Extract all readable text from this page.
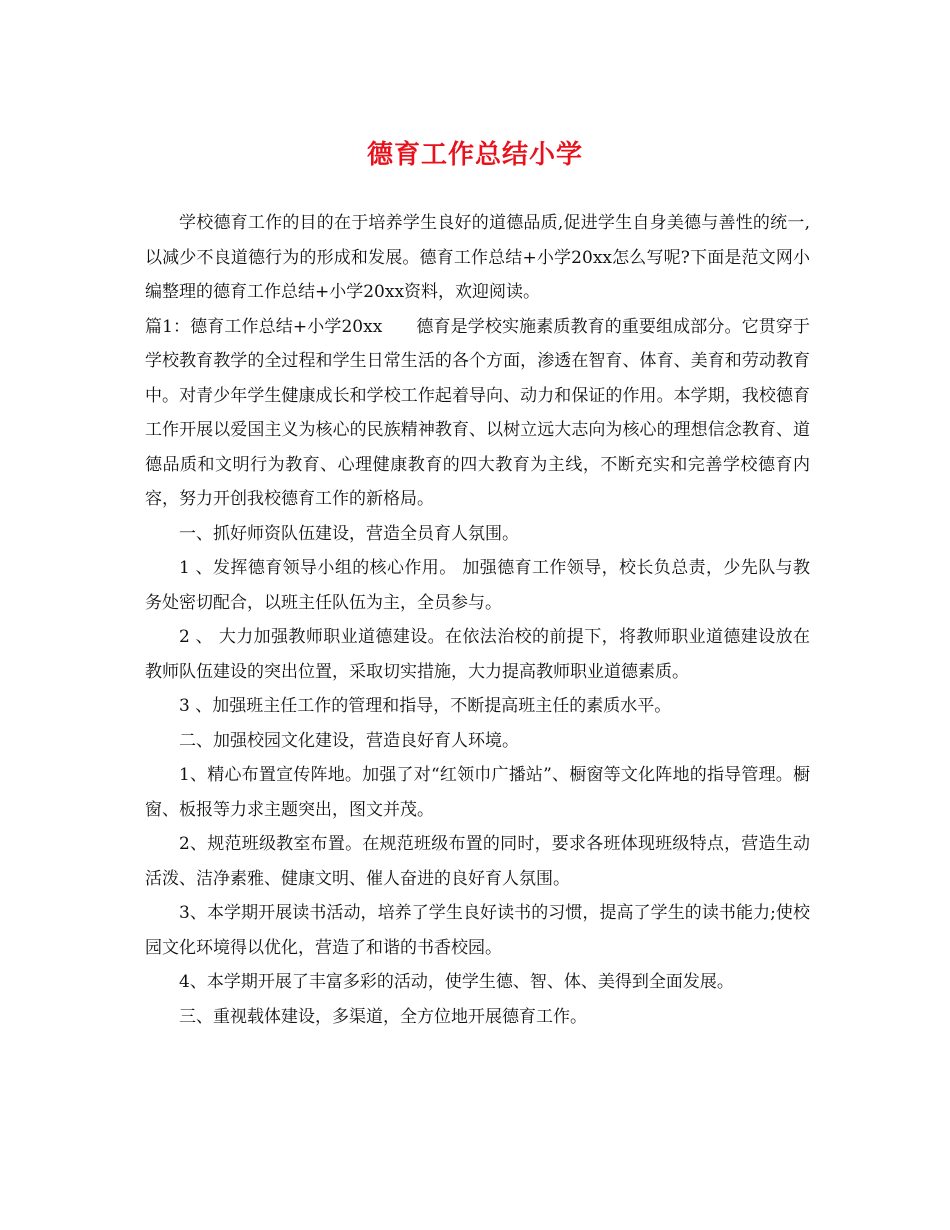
德育工作总结小学

学校德育工作的目的在于培养学生良好的道德品质,促进学生自身美德与善性的统一,以减少不良道德行为的形成和发展。德育工作总结+小学20xx怎么写呢?下面是范文网小编整理的德育工作总结+小学20xx资料，欢迎阅读。

篇1：德育工作总结+小学20xx 德育是学校实施素质教育的重要组成部分。它贯穿于学校教育教学的全过程和学生日常生活的各个方面，渗透在智育、体育、美育和劳动教育中。对青少年学生健康成长和学校工作起着导向、动力和保证的作用。本学期，我校德育工作开展以爱国主义为核心的民族精神教育、以树立远大志向为核心的理想信念教育、道德品质和文明行为教育、心理健康教育的四大教育为主线，不断充实和完善学校德育内容，努力开创我校德育工作的新格局。

一、抓好师资队伍建设，营造全员育人氛围。

1 、发挥德育领导小组的核心作用。 加强德育工作领导，校长负总责，少先队与教务处密切配合，以班主任队伍为主，全员参与。

2 、 大力加强教师职业道德建设。在依法治校的前提下，将教师职业道德建设放在教师队伍建设的突出位置，采取切实措施，大力提高教师职业道德素质。

3 、加强班主任工作的管理和指导，不断提高班主任的素质水平。

二、加强校园文化建设，营造良好育人环境。

1、精心布置宣传阵地。加强了对“红领巾广播站”、橱窗等文化阵地的指导管理。橱窗、板报等力求主题突出，图文并茂。

2、规范班级教室布置。在规范班级布置的同时，要求各班体现班级特点，营造生动活泼、洁净素雅、健康文明、催人奋进的良好育人氛围。

3、本学期开展读书活动，培养了学生良好读书的习惯，提高了学生的读书能力;使校园文化环境得以优化，营造了和谐的书香校园。

4、本学期开展了丰富多彩的活动，使学生德、智、体、美得到全面发展。

三、重视载体建设，多渠道，全方位地开展德育工作。
